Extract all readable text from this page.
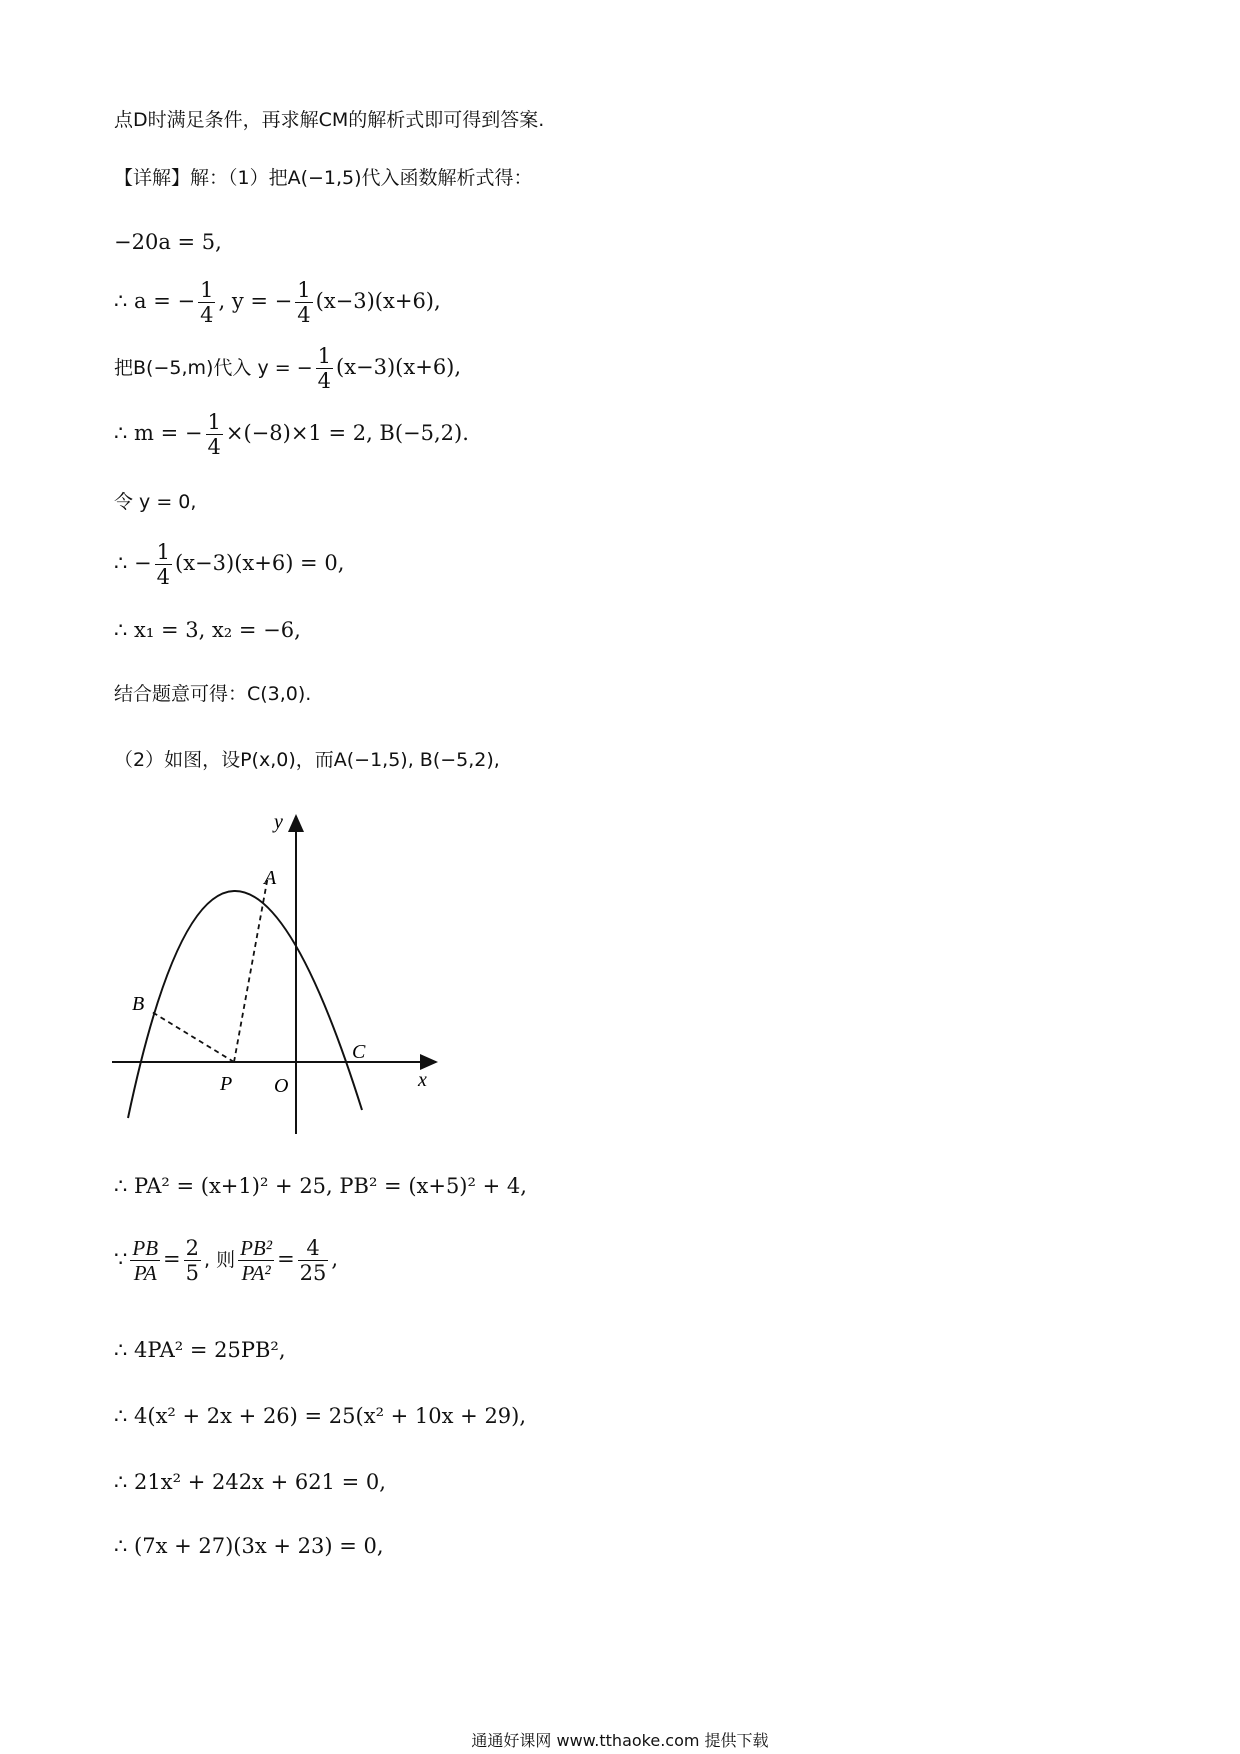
点D时满足条件，再求解CM的解析式即可得到答案.
【详解】解：（1）把A(−1,5)代入函数解析式得：
−20a = 5,
∴ a = − $\frac{1}{4}$ , y = − $\frac{1}{4} (x-3)(x+6)$,
把B(−5,m)代入 y = − $\frac{1}{4} (x-3)(x+6)$,
∴ m = − $\frac{1}{4} \times(-8)\times 1 = 2$, B(−5,2).
令 y = 0,
∴ − $\frac{1}{4} (x-3)(x+6) = 0$,
∴ x₁ = 3, x₂ = −6,
结合题意可得：C(3,0).
（2）如图，设P(x,0)，而A(−1,5), B(−5,2),
y
x
A
B
C
P O
∴ PA² = (x+1)² + 25, PB² = (x+5)² + 4,
∵ $\frac{PB}{PA} = \frac{2}{5}$ , 则 $\frac{\text{PB²}}{\text{PA²}} = \frac{4}{25}$ ,
∴ 4PA² = 25PB²,
∴ 4(x² + 2x + 26) = 25(x² + 10x + 29),
∴ 21x² + 242x + 621 = 0,
∴ (7x + 27)(3x + 23) = 0,
通通好课网 www.tthaoke.com 提供下载
